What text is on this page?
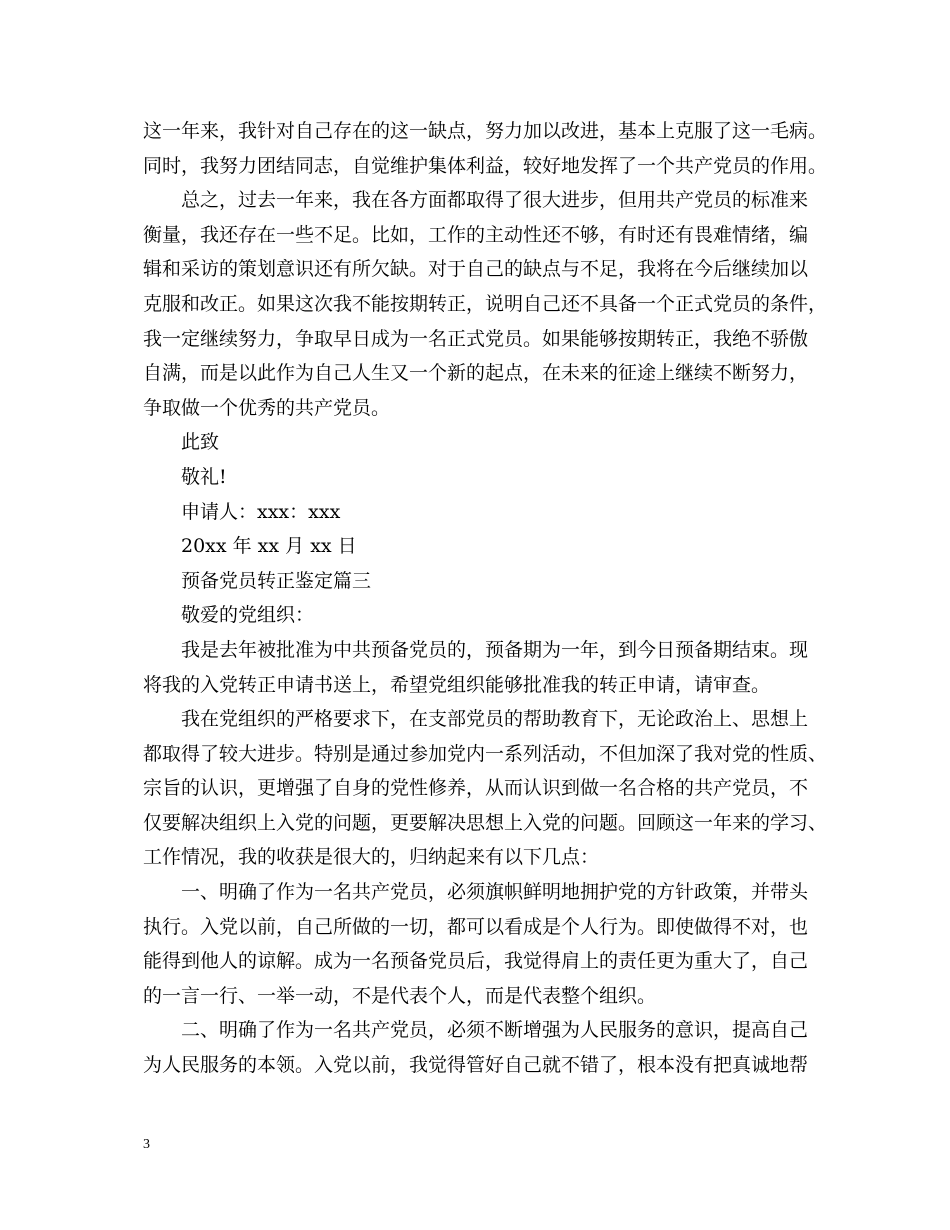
这一年来，我针对自己存在的这一缺点，努力加以改进，基本上克服了这一毛病。
同时，我努力团结同志，自觉维护集体利益，较好地发挥了一个共产党员的作用。
总之，过去一年来，我在各方面都取得了很大进步，但用共产党员的标准来
衡量，我还存在一些不足。比如，工作的主动性还不够，有时还有畏难情绪，编
辑和采访的策划意识还有所欠缺。对于自己的缺点与不足，我将在今后继续加以
克服和改正。如果这次我不能按期转正，说明自己还不具备一个正式党员的条件，
我一定继续努力，争取早日成为一名正式党员。如果能够按期转正，我绝不骄傲
自满，而是以此作为自己人生又一个新的起点，在未来的征途上继续不断努力，
争取做一个优秀的共产党员。
此致
敬礼!
申请人：xxx：xxx
20xx 年 xx 月 xx 日
预备党员转正鉴定篇三
敬爱的党组织：
我是去年被批准为中共预备党员的，预备期为一年，到今日预备期结束。现
将我的入党转正申请书送上，希望党组织能够批准我的转正申请，请审查。
我在党组织的严格要求下，在支部党员的帮助教育下，无论政治上、思想上
都取得了较大进步。特别是通过参加党内一系列活动，不但加深了我对党的性质、
宗旨的认识，更增强了自身的党性修养，从而认识到做一名合格的共产党员，不
仅要解决组织上入党的问题，更要解决思想上入党的问题。回顾这一年来的学习、
工作情况，我的收获是很大的，归纳起来有以下几点：
一、明确了作为一名共产党员，必须旗帜鲜明地拥护党的方针政策，并带头
执行。入党以前，自己所做的一切，都可以看成是个人行为。即使做得不对，也
能得到他人的谅解。成为一名预备党员后，我觉得肩上的责任更为重大了，自己
的一言一行、一举一动，不是代表个人，而是代表整个组织。
二、明确了作为一名共产党员，必须不断增强为人民服务的意识，提高自己
为人民服务的本领。入党以前，我觉得管好自己就不错了，根本没有把真诚地帮
3
